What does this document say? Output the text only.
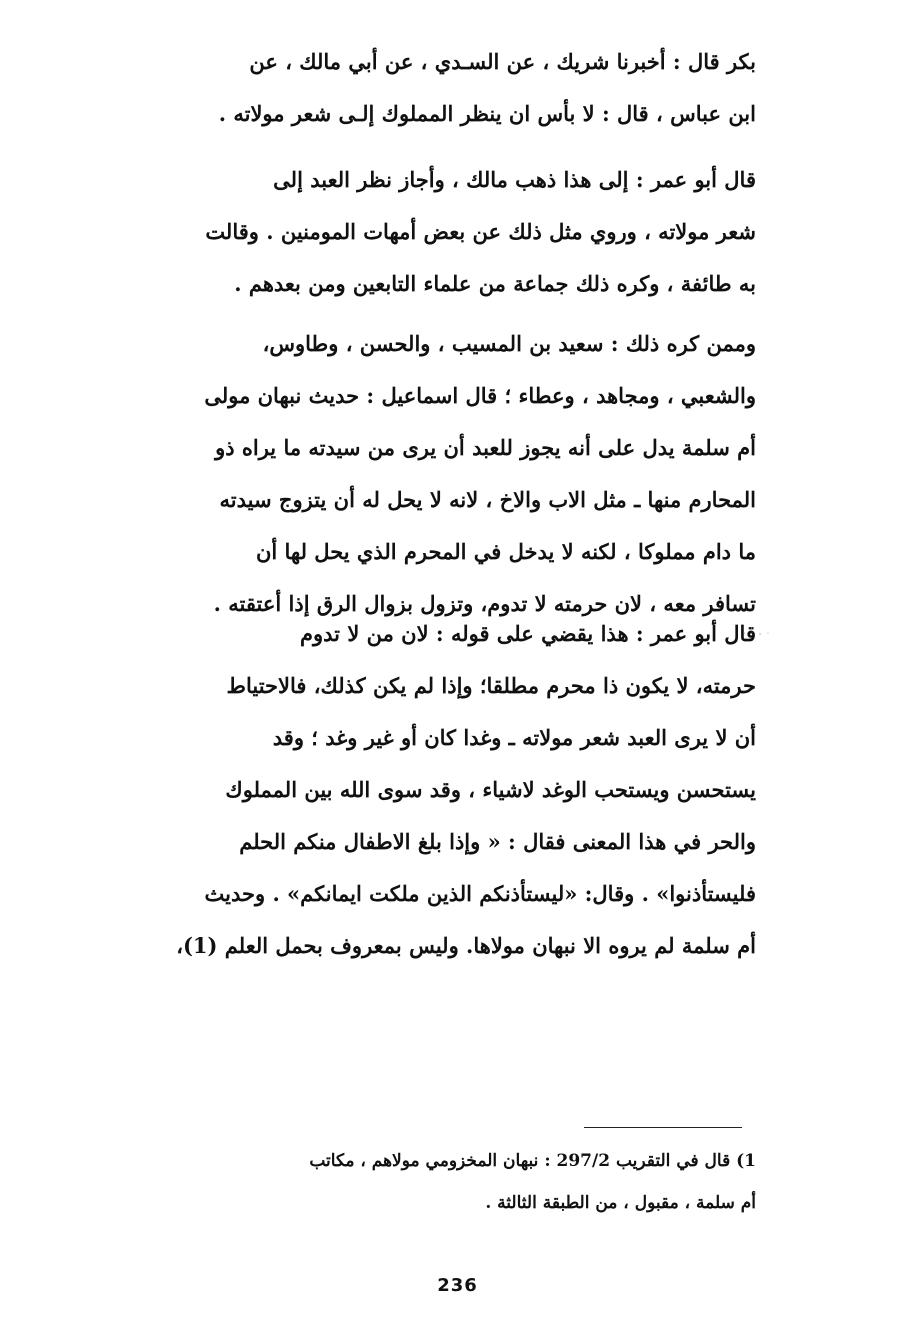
بكر قال : أخبرنا شريك ، عن السـدي ، عن أبي مالك ، عن
ابن عباس ، قال : لا بأس ان ينظر المملوك إلـى شعر مولاته .
قال أبو عمر : إلى هذا ذهب مالك ، وأجاز نظر العبد إلى
شعر مولاته ، وروي مثل ذلك عن بعض أمهات المومنين . وقالت
به طائفة ، وكره ذلك جماعة من علماء التابعين ومن بعدهم .
وممن كره ذلك : سعيد بن المسيب ، والحسن ، وطاوس،
والشعبي ، ومجاهد ، وعطاء ؛ قال اسماعيل : حديث نبهان مولى
أم سلمة يدل على أنه يجوز للعبد أن يرى من سيدته ما يراه ذو
المحارم منها ـ مثل الاب والاخ ، لانه لا يحل له أن يتزوج سيدته
ما دام مملوكا ، لكنه لا يدخل في المحرم الذي يحل لها أن
تسافر معه ، لان حرمته لا تدوم، وتزول بزوال الرق إذا أعتقته .
قال أبو عمر : هذا يقضي على قوله : لان من لا تدوم
حرمته، لا يكون ذا محرم مطلقا؛ وإذا لم يكن كذلك، فالاحتياط
أن لا يرى العبد شعر مولاته ـ وغدا كان أو غير وغد ؛ وقد
يستحسن ويستحب الوغد لاشياء ، وقد سوى الله بين المملوك
والحر في هذا المعنى فقال : « وإذا بلغ الاطفال منكم الحلم
فليستأذنوا» . وقال: «ليستأذنكم الذين ملكت ايمانكم» . وحديث
أم سلمة لم يروه الا نبهان مولاها. وليس بمعروف بحمل العلم (1)،
1) قال في التقريب 297/2 : نبهان المخزومي مولاهم ، مكاتب
أم سلمة ، مقبول ، من الطبقة الثالثة .
236
